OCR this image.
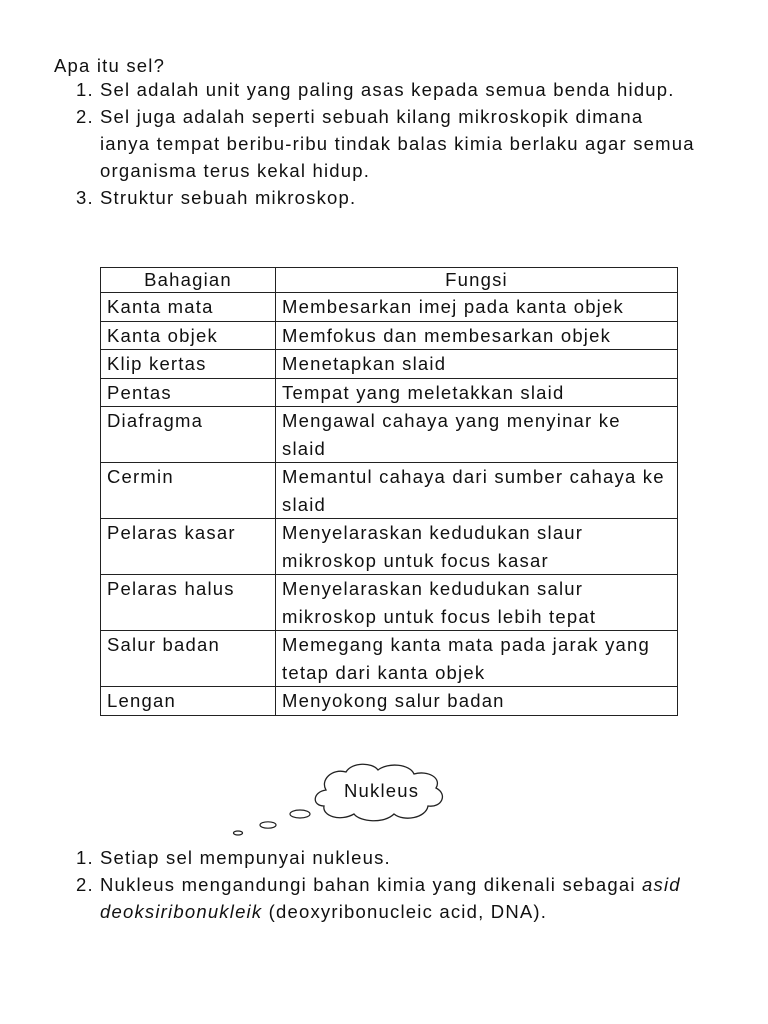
Apa itu sel?
1. Sel adalah unit yang paling asas kepada semua benda hidup.
2. Sel juga adalah seperti sebuah kilang mikroskopik dimana ianya tempat beribu-ribu tindak balas kimia berlaku agar semua organisma terus kekal hidup.
3. Struktur sebuah mikroskop.
Bahagian	Fungsi
Kanta mata	Membesarkan imej pada kanta objek
Kanta objek	Memfokus dan membesarkan objek
Klip kertas	Menetapkan slaid
Pentas	Tempat yang meletakkan slaid
Diafragma	Mengawal cahaya yang menyinar ke slaid
Cermin	Memantul cahaya dari sumber cahaya ke slaid
Pelaras kasar	Menyelaraskan kedudukan slaur mikroskop untuk focus kasar
Pelaras halus	Menyelaraskan kedudukan salur mikroskop untuk focus lebih tepat
Salur badan	Memegang kanta mata pada jarak yang tetap dari kanta objek
Lengan	Menyokong salur badan
Nukleus
1. Setiap sel mempunyai nukleus.
2. Nukleus mengandungi bahan kimia yang dikenali sebagai asid deoksiribonukleik (deoxyribonucleic acid, DNA).
